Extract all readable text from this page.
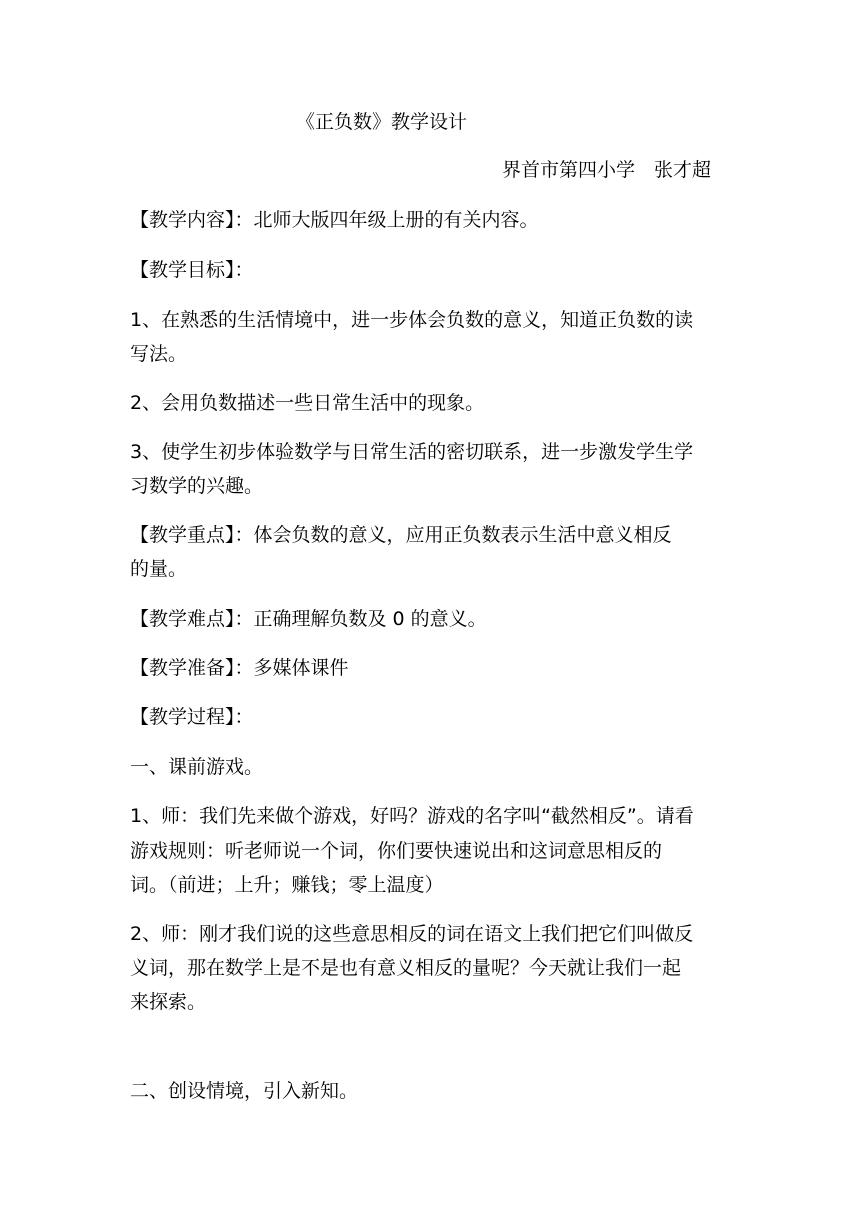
《正负数》教学设计
界首市第四小学　张才超
【教学内容】：北师大版四年级上册的有关内容。
【教学目标】：
1、在熟悉的生活情境中，进一步体会负数的意义，知道正负数的读
写法。
2、会用负数描述一些日常生活中的现象。
3、使学生初步体验数学与日常生活的密切联系，进一步激发学生学
习数学的兴趣。
【教学重点】：体会负数的意义，应用正负数表示生活中意义相反
的量。
【教学难点】：正确理解负数及 0 的意义。
【教学准备】：多媒体课件
【教学过程】：
一、课前游戏。
1、师：我们先来做个游戏，好吗？游戏的名字叫“截然相反”。请看
游戏规则：听老师说一个词，你们要快速说出和这词意思相反的
词。（前进；上升；赚钱；零上温度）
2、师：刚才我们说的这些意思相反的词在语文上我们把它们叫做反
义词，那在数学上是不是也有意义相反的量呢？今天就让我们一起
来探索。
二、创设情境，引入新知。
